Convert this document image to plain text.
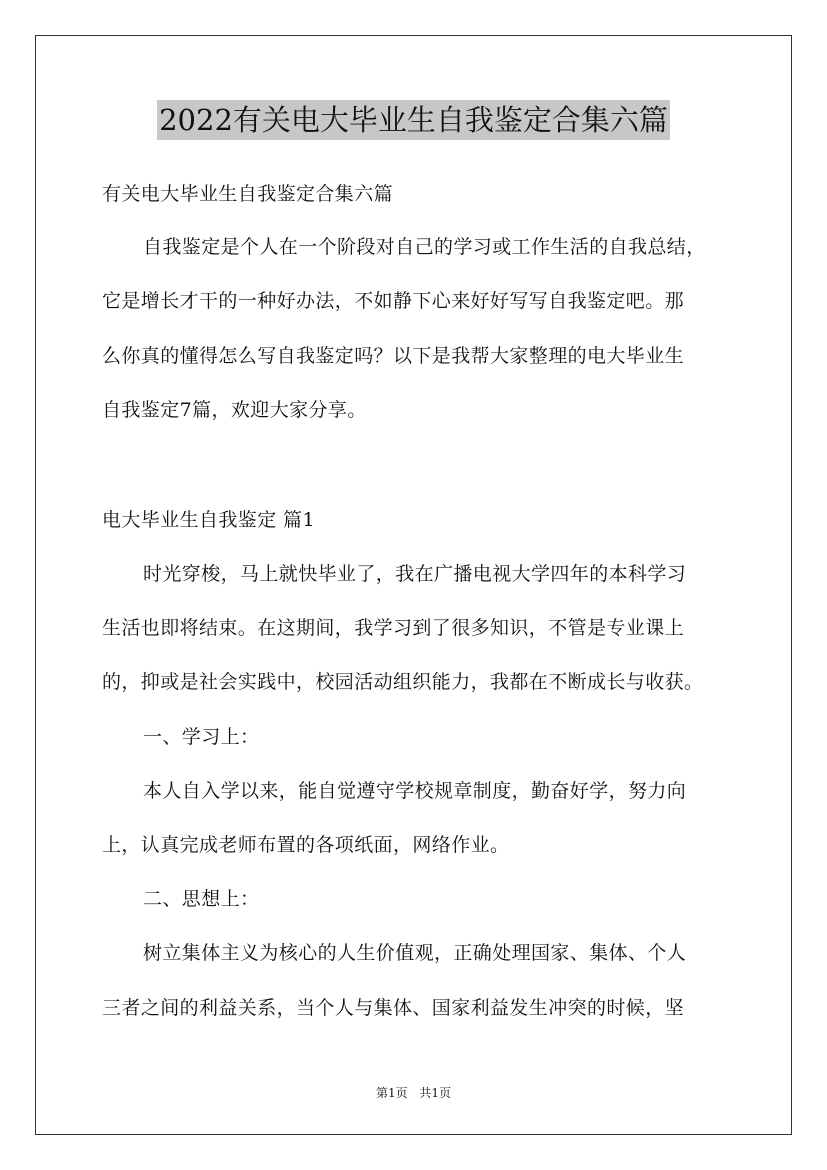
2022有关电大毕业生自我鉴定合集六篇
有关电大毕业生自我鉴定合集六篇
自我鉴定是个人在一个阶段对自己的学习或工作生活的自我总结，
它是增长才干的一种好办法，不如静下心来好好写写自我鉴定吧。那
么你真的懂得怎么写自我鉴定吗？以下是我帮大家整理的电大毕业生
自我鉴定7篇，欢迎大家分享。
电大毕业生自我鉴定 篇1
时光穿梭，马上就快毕业了，我在广播电视大学四年的本科学习
生活也即将结束。在这期间，我学习到了很多知识，不管是专业课上
的，抑或是社会实践中，校园活动组织能力，我都在不断成长与收获。
一、学习上：
本人自入学以来，能自觉遵守学校规章制度，勤奋好学，努力向
上，认真完成老师布置的各项纸面，网络作业。
二、思想上：
树立集体主义为核心的人生价值观，正确处理国家、集体、个人
三者之间的利益关系，当个人与集体、国家利益发生冲突的时候，坚
第1页 共1页
